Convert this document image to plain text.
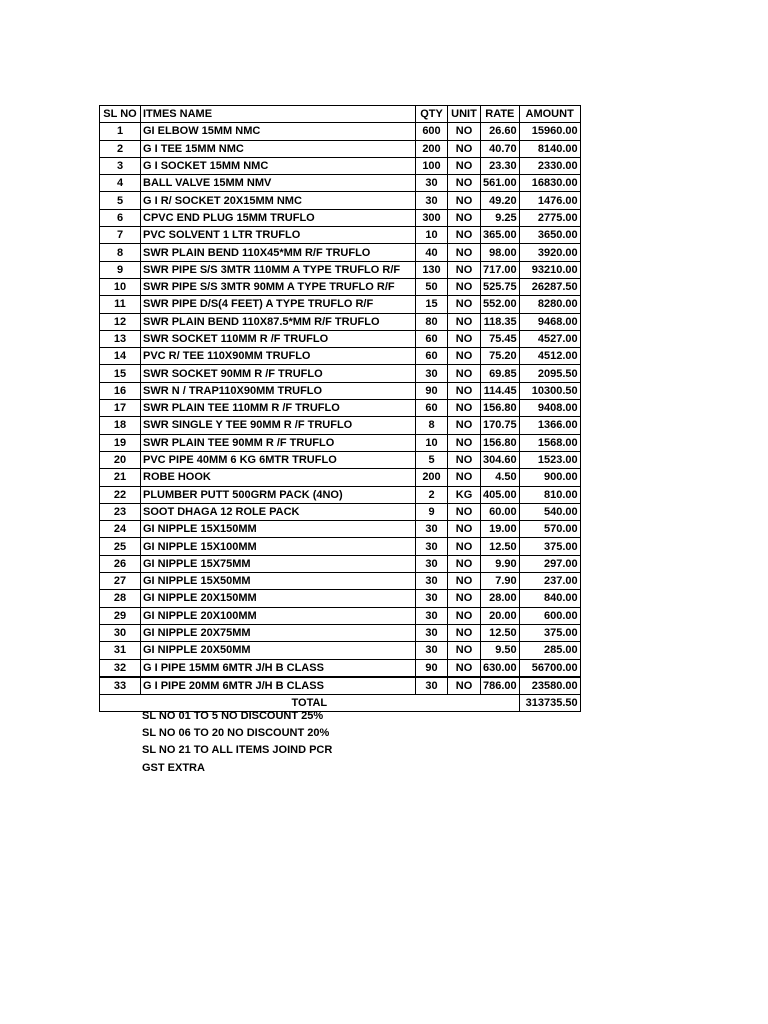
SL NO	ITMES NAME	QTY	UNIT	RATE	AMOUNT
1	GI ELBOW 15MM NMC	600	NO	26.60	15960.00
2	G I TEE 15MM NMC	200	NO	40.70	8140.00
3	G I SOCKET 15MM NMC	100	NO	23.30	2330.00
4	BALL VALVE 15MM NMV	30	NO	561.00	16830.00
5	G I R/ SOCKET 20X15MM NMC	30	NO	49.20	1476.00
6	CPVC END PLUG 15MM TRUFLO	300	NO	9.25	2775.00
7	PVC SOLVENT 1 LTR TRUFLO	10	NO	365.00	3650.00
8	SWR PLAIN BEND 110X45*MM R/F TRUFLO	40	NO	98.00	3920.00
9	SWR PIPE S/S 3MTR 110MM A TYPE TRUFLO R/F	130	NO	717.00	93210.00
10	SWR PIPE S/S 3MTR 90MM A TYPE TRUFLO R/F	50	NO	525.75	26287.50
11	SWR PIPE D/S(4 FEET) A TYPE TRUFLO R/F	15	NO	552.00	8280.00
12	SWR PLAIN BEND 110X87.5*MM R/F TRUFLO	80	NO	118.35	9468.00
13	SWR SOCKET 110MM R /F TRUFLO	60	NO	75.45	4527.00
14	PVC R/ TEE 110X90MM TRUFLO	60	NO	75.20	4512.00
15	SWR SOCKET 90MM R /F TRUFLO	30	NO	69.85	2095.50
16	SWR N / TRAP110X90MM TRUFLO	90	NO	114.45	10300.50
17	SWR PLAIN TEE 110MM R /F TRUFLO	60	NO	156.80	9408.00
18	SWR SINGLE Y TEE 90MM R /F TRUFLO	8	NO	170.75	1366.00
19	SWR PLAIN TEE 90MM R /F TRUFLO	10	NO	156.80	1568.00
20	PVC PIPE 40MM 6 KG 6MTR TRUFLO	5	NO	304.60	1523.00
21	ROBE HOOK	200	NO	4.50	900.00
22	PLUMBER PUTT 500GRM PACK (4NO)	2	KG	405.00	810.00
23	SOOT DHAGA 12 ROLE PACK	9	NO	60.00	540.00
24	GI NIPPLE 15X150MM	30	NO	19.00	570.00
25	GI NIPPLE 15X100MM	30	NO	12.50	375.00
26	GI NIPPLE 15X75MM	30	NO	9.90	297.00
27	GI NIPPLE 15X50MM	30	NO	7.90	237.00
28	GI NIPPLE 20X150MM	30	NO	28.00	840.00
29	GI NIPPLE 20X100MM	30	NO	20.00	600.00
30	GI NIPPLE 20X75MM	30	NO	12.50	375.00
31	GI NIPPLE 20X50MM	30	NO	9.50	285.00
32	G I PIPE 15MM 6MTR J/H B CLASS	90	NO	630.00	56700.00
33	G I PIPE 20MM 6MTR J/H B CLASS	30	NO	786.00	23580.00
TOTAL					313735.50
SL NO 01 TO 5 NO DISCOUNT 25%
SL NO 06 TO 20 NO DISCOUNT 20%
SL NO 21 TO ALL ITEMS JOIND PCR
GST EXTRA
